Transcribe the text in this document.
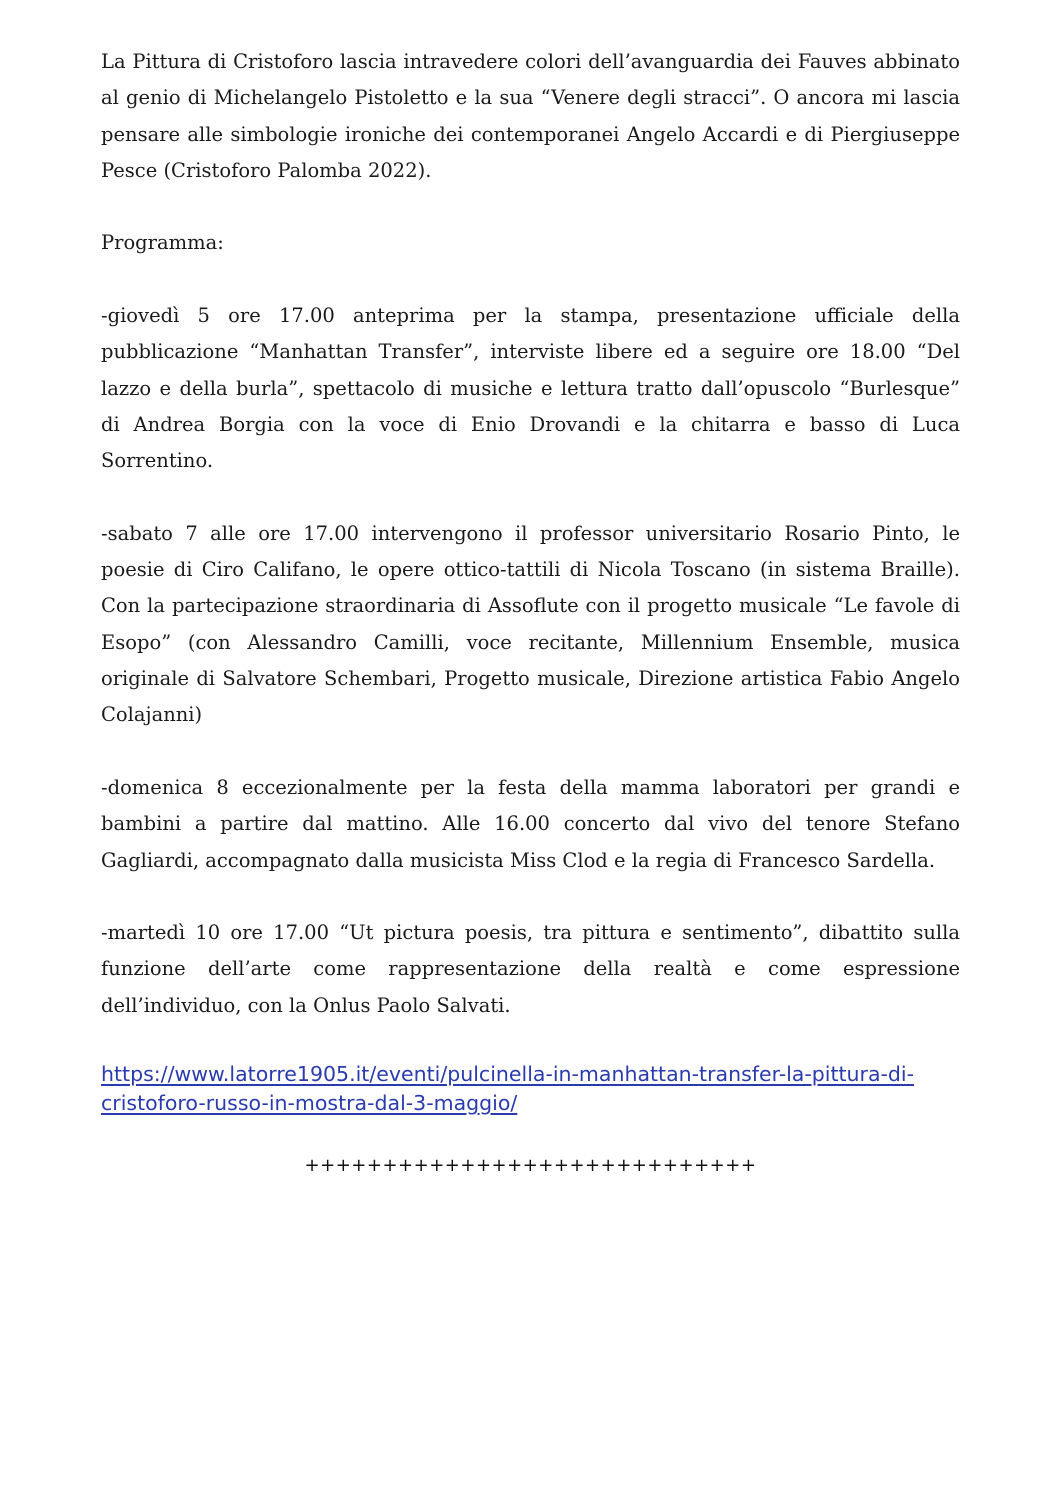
La Pittura di Cristoforo lascia intravedere colori dell’avanguardia dei Fauves abbinato al genio di Michelangelo Pistoletto e la sua “Venere degli stracci”. O ancora mi lascia pensare alle simbologie ironiche dei contemporanei Angelo Accardi e di Piergiuseppe Pesce (Cristoforo Palomba 2022).

Programma:

-giovedì 5 ore 17.00 anteprima per la stampa, presentazione ufficiale della pubblicazione “Manhattan Transfer”, interviste libere ed a seguire ore 18.00 “Del lazzo e della burla”, spettacolo di musiche e lettura tratto dall’opuscolo “Burlesque” di Andrea Borgia con la voce di Enio Drovandi e la chitarra e basso di Luca Sorrentino.

-sabato 7 alle ore 17.00 intervengono il professor universitario Rosario Pinto, le poesie di Ciro Califano, le opere ottico-tattili di Nicola Toscano (in sistema Braille). Con la partecipazione straordinaria di Assoflute con il progetto musicale “Le favole di Esopo” (con Alessandro Camilli, voce recitante, Millennium Ensemble, musica originale di Salvatore Schembari, Progetto musicale, Direzione artistica Fabio Angelo Colajanni)

-domenica 8 eccezionalmente per la festa della mamma laboratori per grandi e bambini a partire dal mattino. Alle 16.00 concerto dal vivo del tenore Stefano Gagliardi, accompagnato dalla musicista Miss Clod e la regia di Francesco Sardella.

-martedì 10 ore 17.00 “Ut pictura poesis, tra pittura e sentimento”, dibattito sulla funzione dell’arte come rappresentazione della realtà e come espressione dell’individuo, con la Onlus Paolo Salvati.

https://www.latorre1905.it/eventi/pulcinella-in-manhattan-transfer-la-pittura-di-
cristoforo-russo-in-mostra-dal-3-maggio/
+++++++++++++++++++++++++++++
